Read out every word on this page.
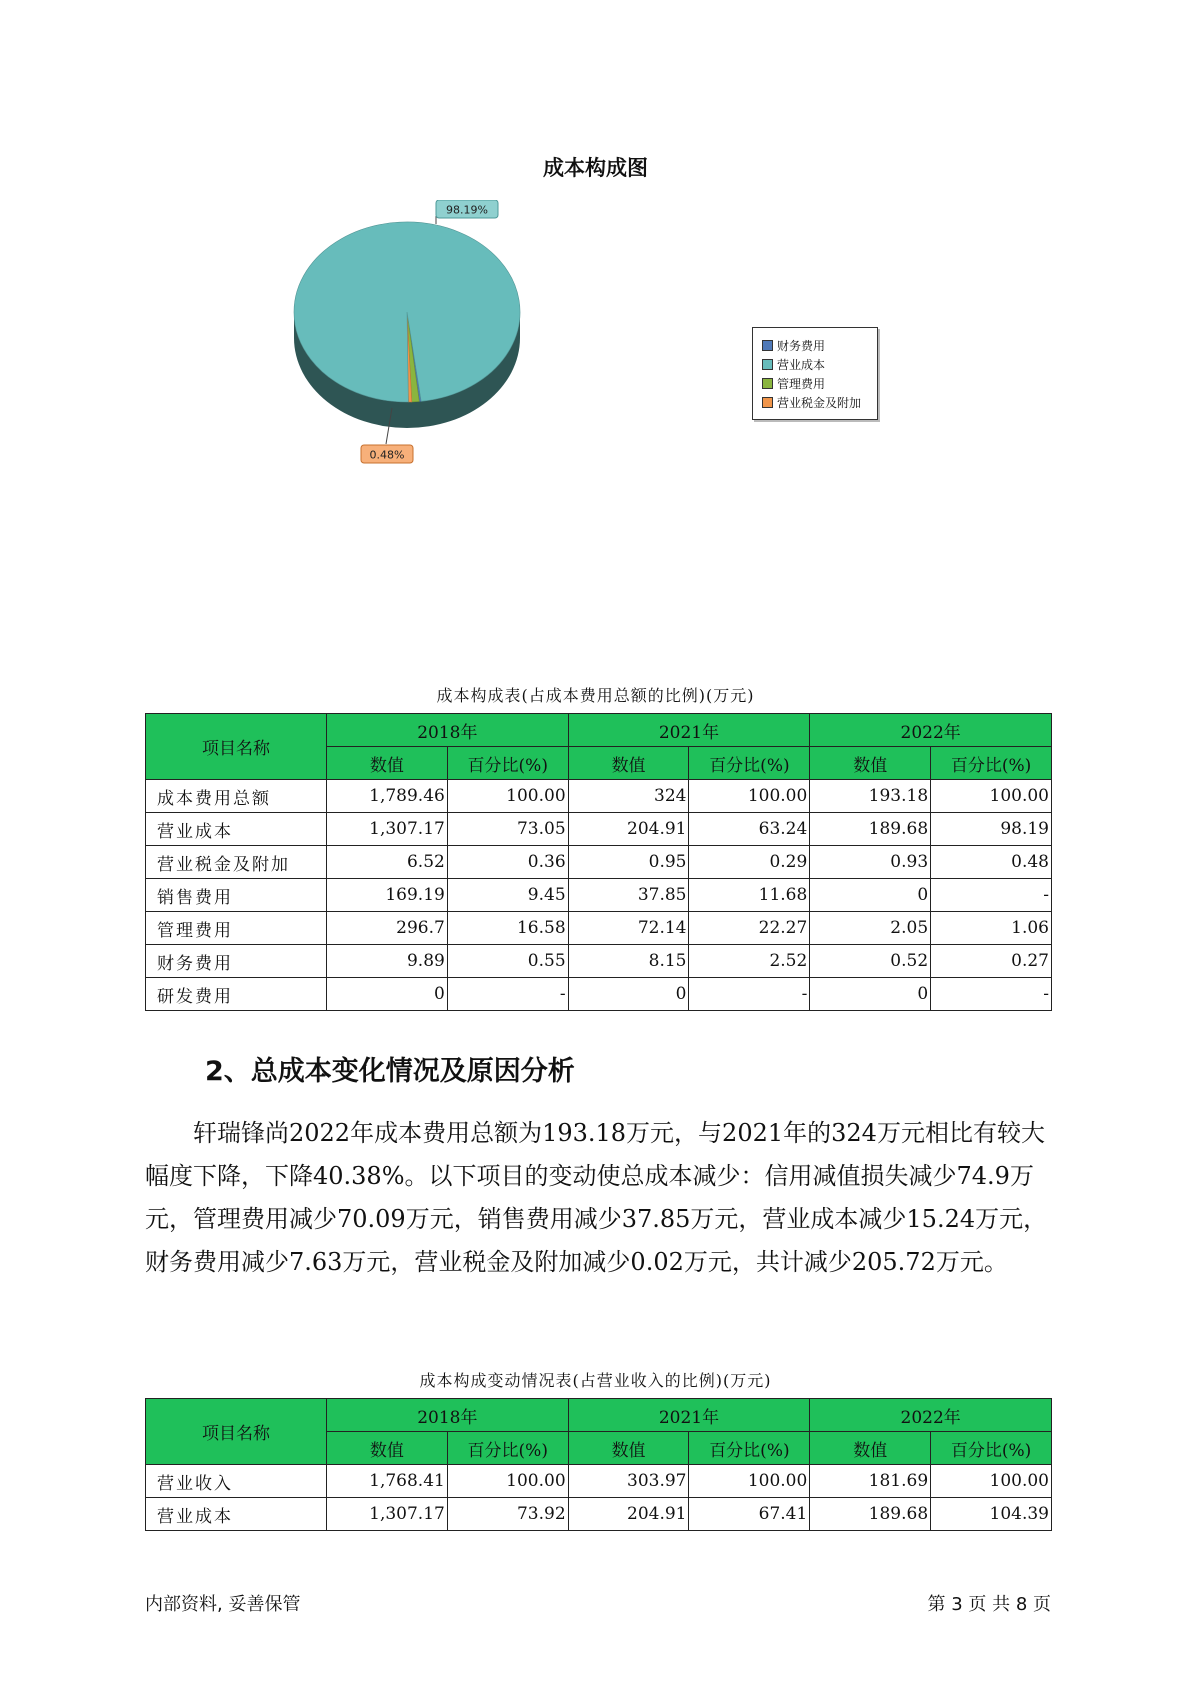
成本构成图
98.19%
0.48%
财务费用
营业成本
管理费用
营业税金及附加
成本构成表(占成本费用总额的比例)(万元)
项目名称	2018年		2021年		2022年	
	数值	百分比(%)	数值	百分比(%)	数值	百分比(%)
成本费用总额	1,789.46	100.00	324	100.00	193.18	100.00
营业成本	1,307.17	73.05	204.91	63.24	189.68	98.19
营业税金及附加	6.52	0.36	0.95	0.29	0.93	0.48
销售费用	169.19	9.45	37.85	11.68	0	-
管理费用	296.7	16.58	72.14	22.27	2.05	1.06
财务费用	9.89	0.55	8.15	2.52	0.52	0.27
研发费用	0	-	0	-	0	-
2、总成本变化情况及原因分析

轩瑞锋尚2022年成本费用总额为193.18万元，与2021年的324万元相比有较大幅度下降，下降40.38%。以下项目的变动使总成本减少：信用减值损失减少74.9万元，管理费用减少70.09万元，销售费用减少37.85万元，营业成本减少15.24万元，财务费用减少7.63万元，营业税金及附加减少0.02万元，共计减少205.72万元。

成本构成变动情况表(占营业收入的比例)(万元)
项目名称	2018年		2021年		2022年	
	数值	百分比(%)	数值	百分比(%)	数值	百分比(%)
营业收入	1,768.41	100.00	303.97	100.00	181.69	100.00
营业成本	1,307.17	73.92	204.91	67.41	189.68	104.39
内部资料, 妥善保管	第 3 页 共 8 页
